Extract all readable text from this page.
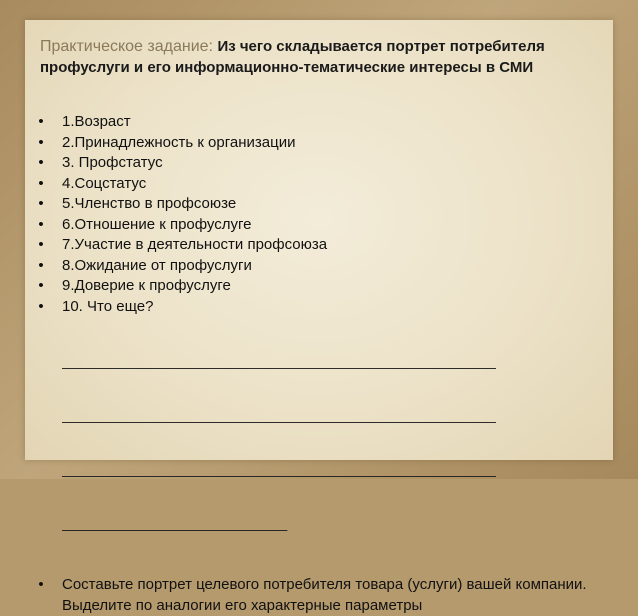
Практическое задание: Из чего складывается портрет потребителя профуслуги и его информационно-тематические интересы в СМИ
• 1.Возраст
• 2.Принадлежность к организации
• 3. Профстатус
• 4.Соцстатус
• 5.Членство в профсоюзе
• 6.Отношение к профуслуге
• 7.Участие в деятельности профсоюза
• 8.Ожидание от профуслуги
• 9.Доверие к профуслуге
• 10. Что еще?

____________________________________________________

____________________________________________________

____________________________________________________

___________________________

• Составьте портрет целевого потребителя товара (услуги) вашей компании. Выделите по аналогии его характерные параметры
